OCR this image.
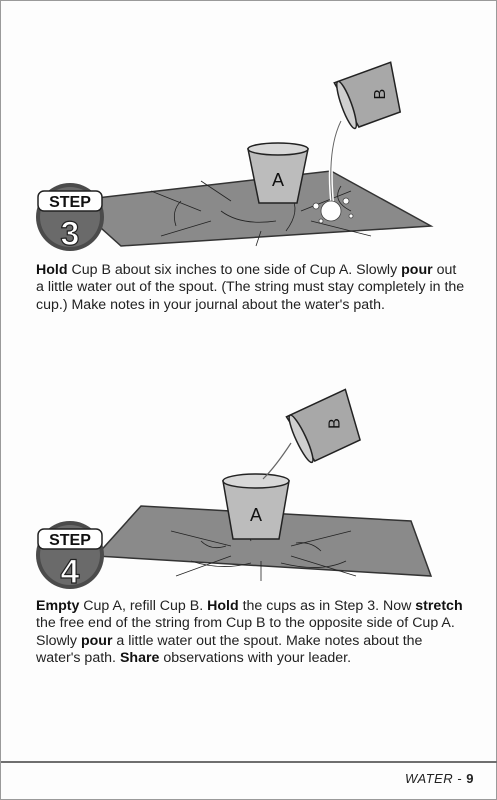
A
B
STEP
3

Hold Cup B about six inches to one side of Cup A. Slowly pour out a little water out of the spout. (The string must stay completely in the cup.) Make notes in your journal about the water's path.

A
B
STEP
4

Empty Cup A, refill Cup B. Hold the cups as in Step 3. Now stretch the free end of the string from Cup B to the opposite side of Cup A. Slowly pour a little water out the spout. Make notes about the water's path. Share observations with your leader.

WATER - 9
